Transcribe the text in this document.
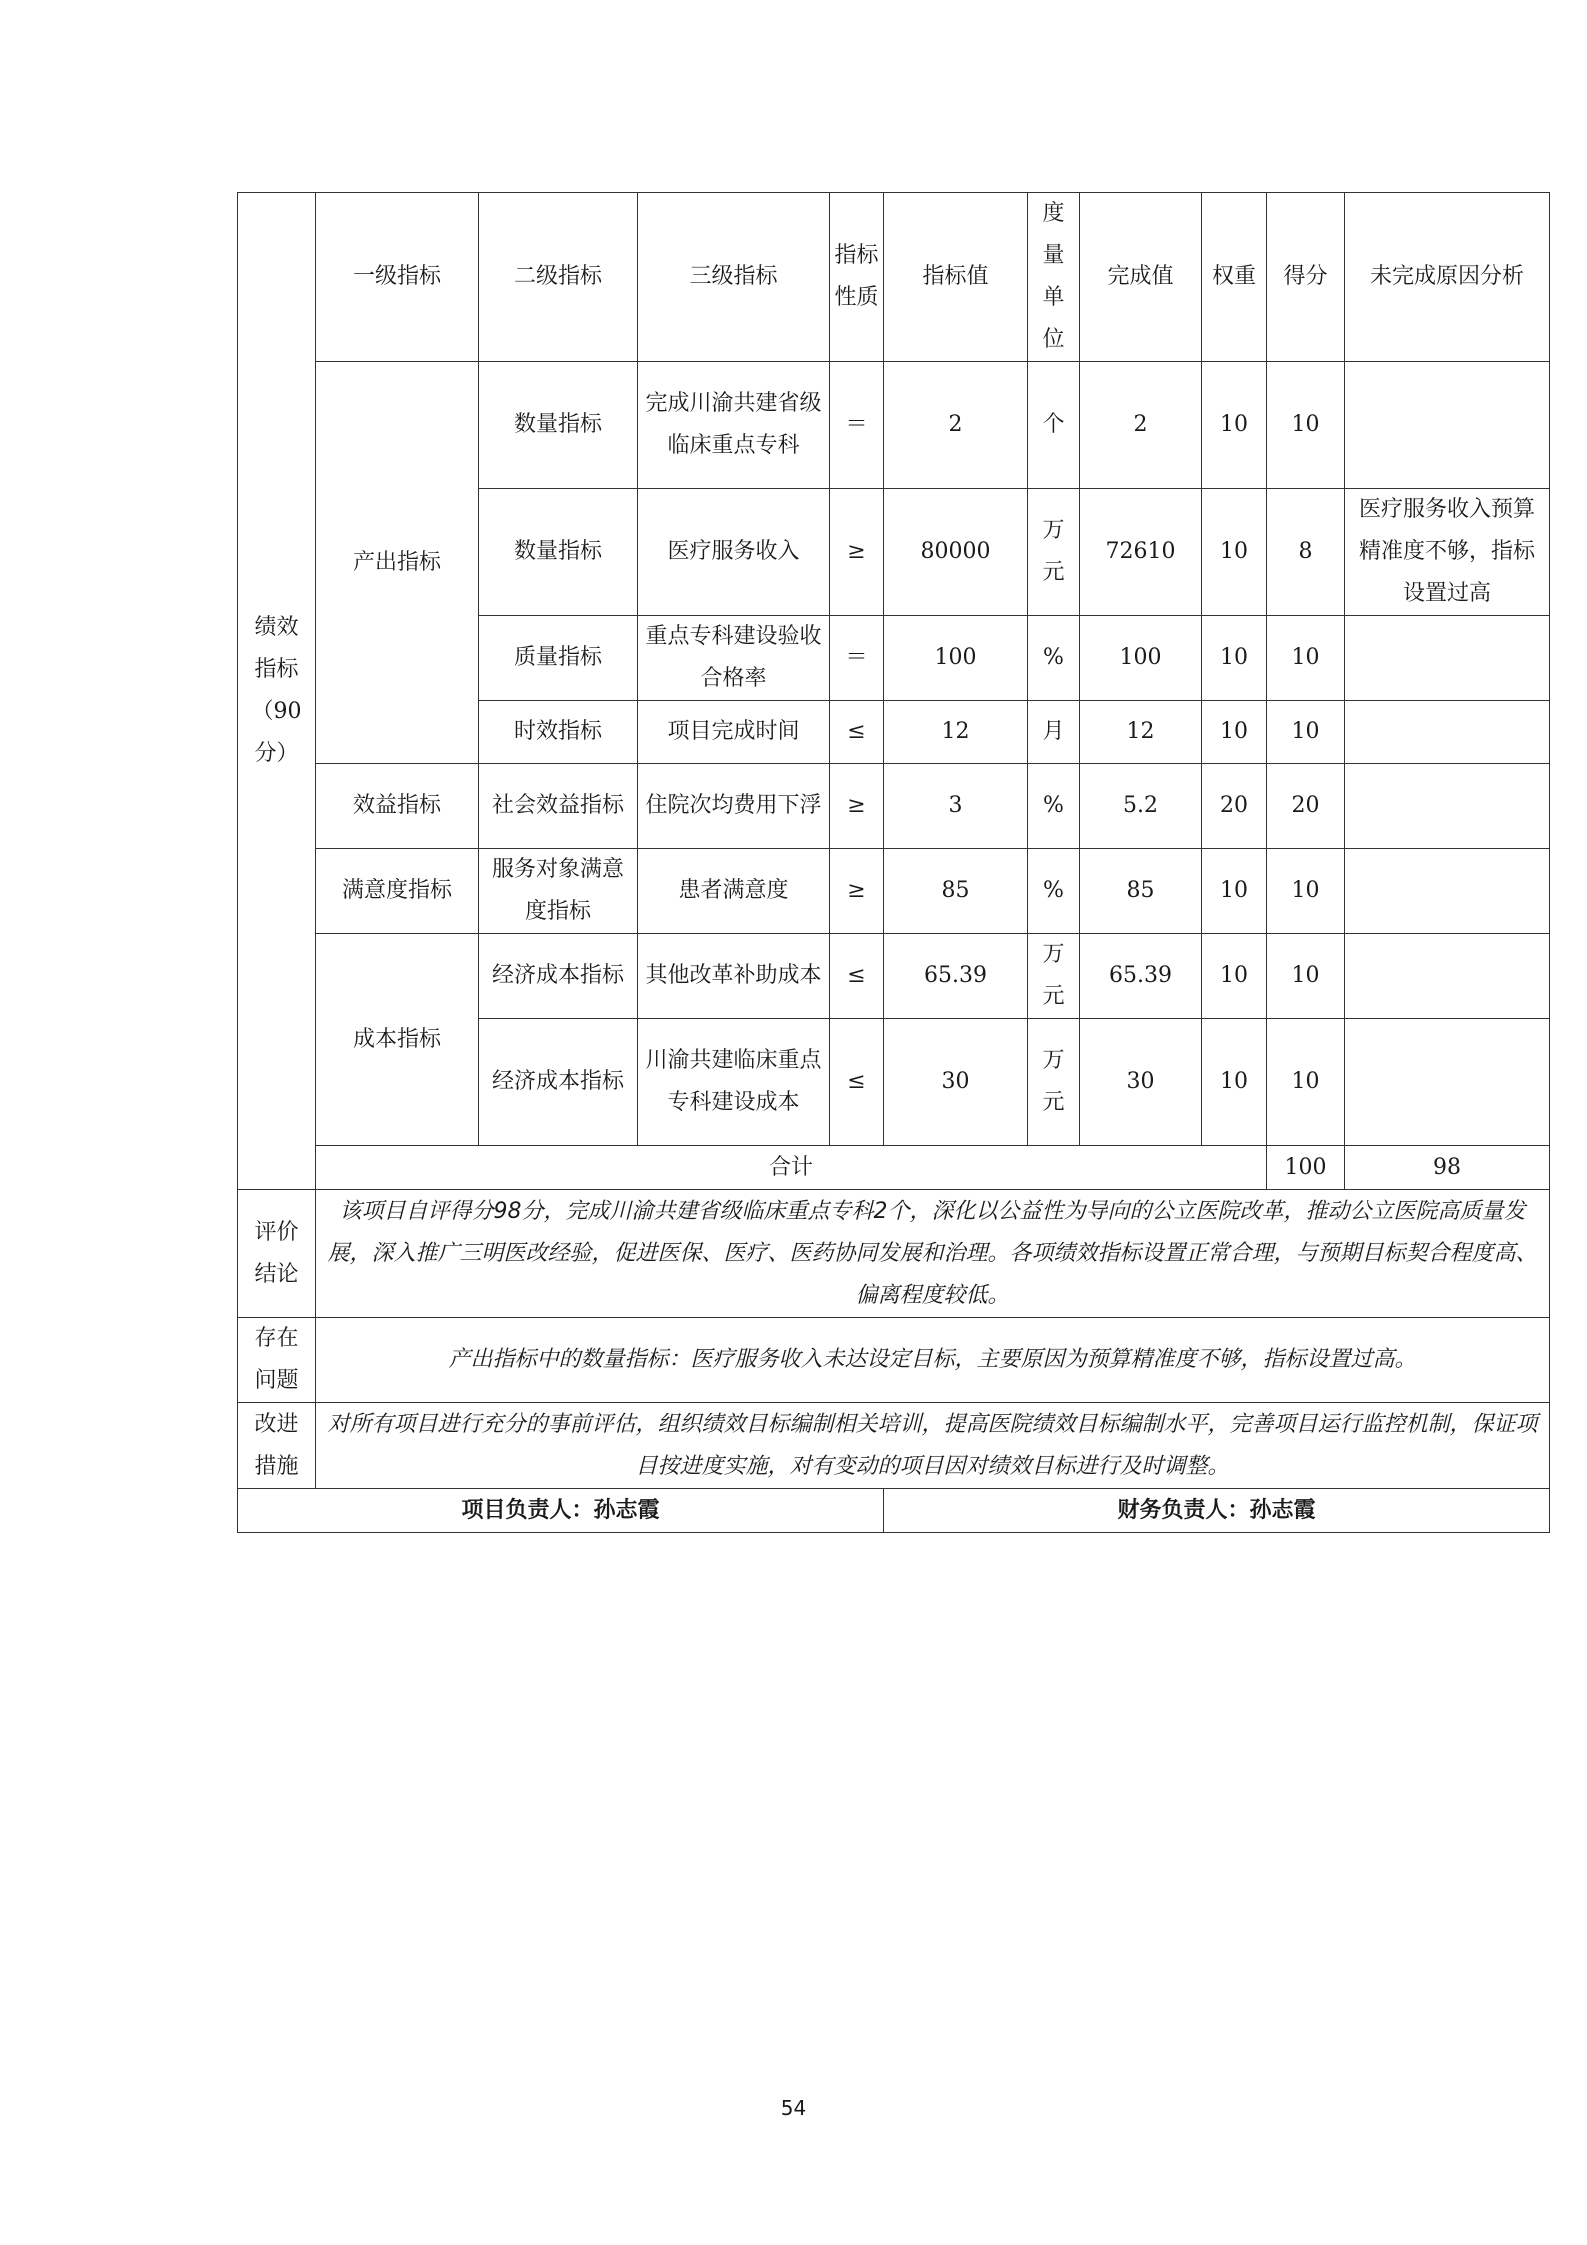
绩效指标（90分）	一级指标	二级指标	三级指标	指标性质	指标值	度量单位	完成值	权重	得分	未完成原因分析	
	产出指标	数量指标	完成川渝共建省级临床重点专科	＝	2	个	2	10	10		
		数量指标	医疗服务收入	≥	80000	万元	72610	10	8	医疗服务收入预算精准度不够，指标设置过高	
		质量指标	重点专科建设验收合格率	＝	100	%	100	10	10		
		时效指标	项目完成时间	≤	12	月	12	10	10		
	效益指标	社会效益指标	住院次均费用下浮	≥	3	%	5.2	20	20		
	满意度指标	服务对象满意度指标	患者满意度	≥	85	%	85	10	10		
	成本指标	经济成本指标	其他改革补助成本	≤	65.39	万元	65.39	10	10		
		经济成本指标	川渝共建临床重点专科建设成本	≤	30	万元	30	10	10		
	合计								100	98	
评价结论	该项目自评得分98分，完成川渝共建省级临床重点专科2个，深化以公益性为导向的公立医院改革，推动公立医院高质量发展，深入推广三明医改经验，促进医保、医疗、医药协同发展和治理。各项绩效指标设置正常合理，与预期目标契合程度高、偏离程度较低。										
存在问题	产出指标中的数量指标：医疗服务收入未达设定目标，主要原因为预算精准度不够，指标设置过高。										
改进措施	对所有项目进行充分的事前评估，组织绩效目标编制相关培训，提高医院绩效目标编制水平，完善项目运行监控机制，保证项目按进度实施，对有变动的项目因对绩效目标进行及时调整。										
项目负责人：孙志霞					财务负责人：孙志霞						
54
